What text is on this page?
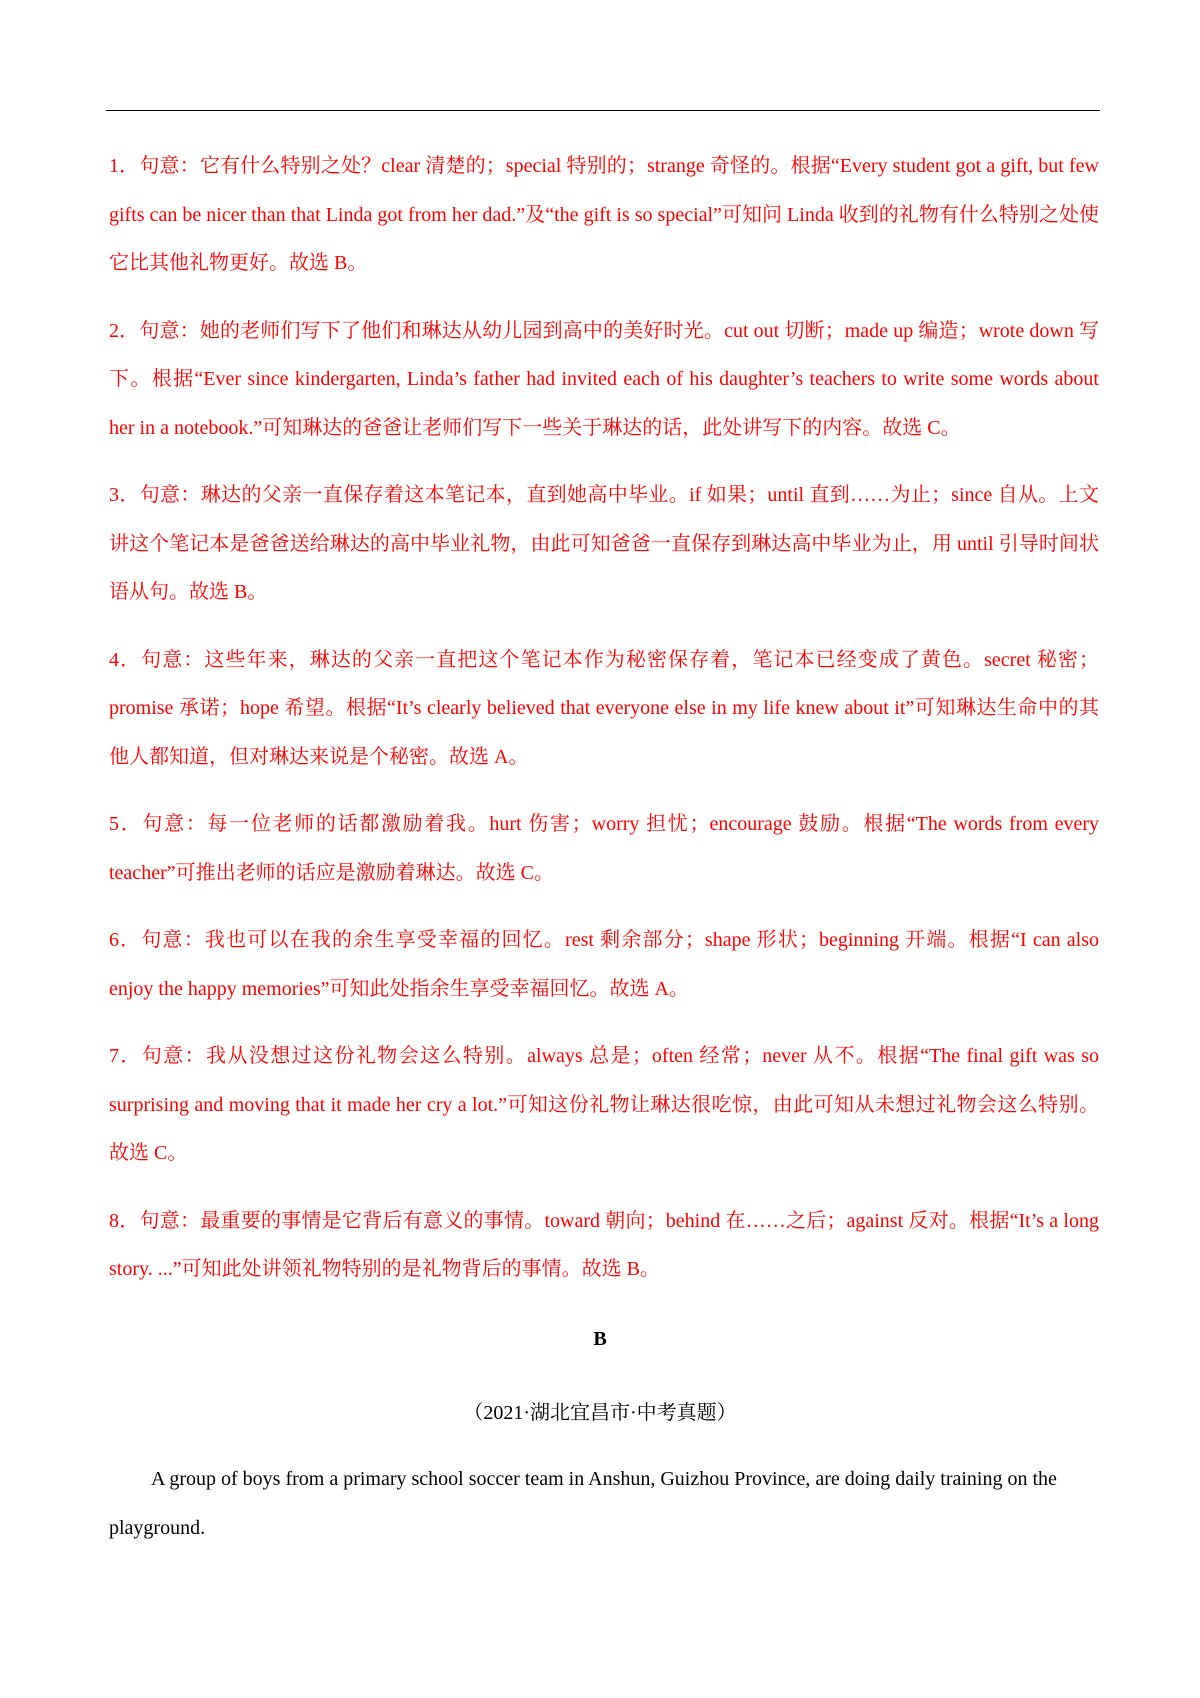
1．句意：它有什么特别之处？clear 清楚的；special 特别的；strange 奇怪的。根据“Every student got a gift, but few gifts can be nicer than that Linda got from her dad.”及“the gift is so special”可知问 Linda 收到的礼物有什么特别之处使它比其他礼物更好。故选 B。

2．句意：她的老师们写下了他们和琳达从幼儿园到高中的美好时光。cut out 切断；made up 编造；wrote down 写下。根据“Ever since kindergarten, Linda’s father had invited each of his daughter’s teachers to write some words about her in a notebook.”可知琳达的爸爸让老师们写下一些关于琳达的话，此处讲写下的内容。故选 C。

3．句意：琳达的父亲一直保存着这本笔记本，直到她高中毕业。if 如果；until 直到……为止；since 自从。上文讲这个笔记本是爸爸送给琳达的高中毕业礼物，由此可知爸爸一直保存到琳达高中毕业为止，用 until 引导时间状语从句。故选 B。

4．句意：这些年来，琳达的父亲一直把这个笔记本作为秘密保存着，笔记本已经变成了黄色。secret 秘密；promise 承诺；hope 希望。根据“It’s clearly believed that everyone else in my life knew about it”可知琳达生命中的其他人都知道，但对琳达来说是个秘密。故选 A。

5．句意：每一位老师的话都激励着我。hurt 伤害；worry 担忧；encourage 鼓励。根据“The words from every teacher”可推出老师的话应是激励着琳达。故选 C。

6．句意：我也可以在我的余生享受幸福的回忆。rest 剩余部分；shape 形状；beginning 开端。根据“I can also enjoy the happy memories”可知此处指余生享受幸福回忆。故选 A。

7．句意：我从没想过这份礼物会这么特别。always 总是；often 经常；never 从不。根据“The final gift was so surprising and moving that it made her cry a lot.”可知这份礼物让琳达很吃惊，由此可知从未想过礼物会这么特别。故选 C。

8．句意：最重要的事情是它背后有意义的事情。toward 朝向；behind 在……之后；against 反对。根据“It’s a long story. ...”可知此处讲领礼物特别的是礼物背后的事情。故选 B。

B
（2021·湖北宜昌市·中考真题）

A group of boys from a primary school soccer team in Anshun, Guizhou Province, are doing daily training on the playground.
